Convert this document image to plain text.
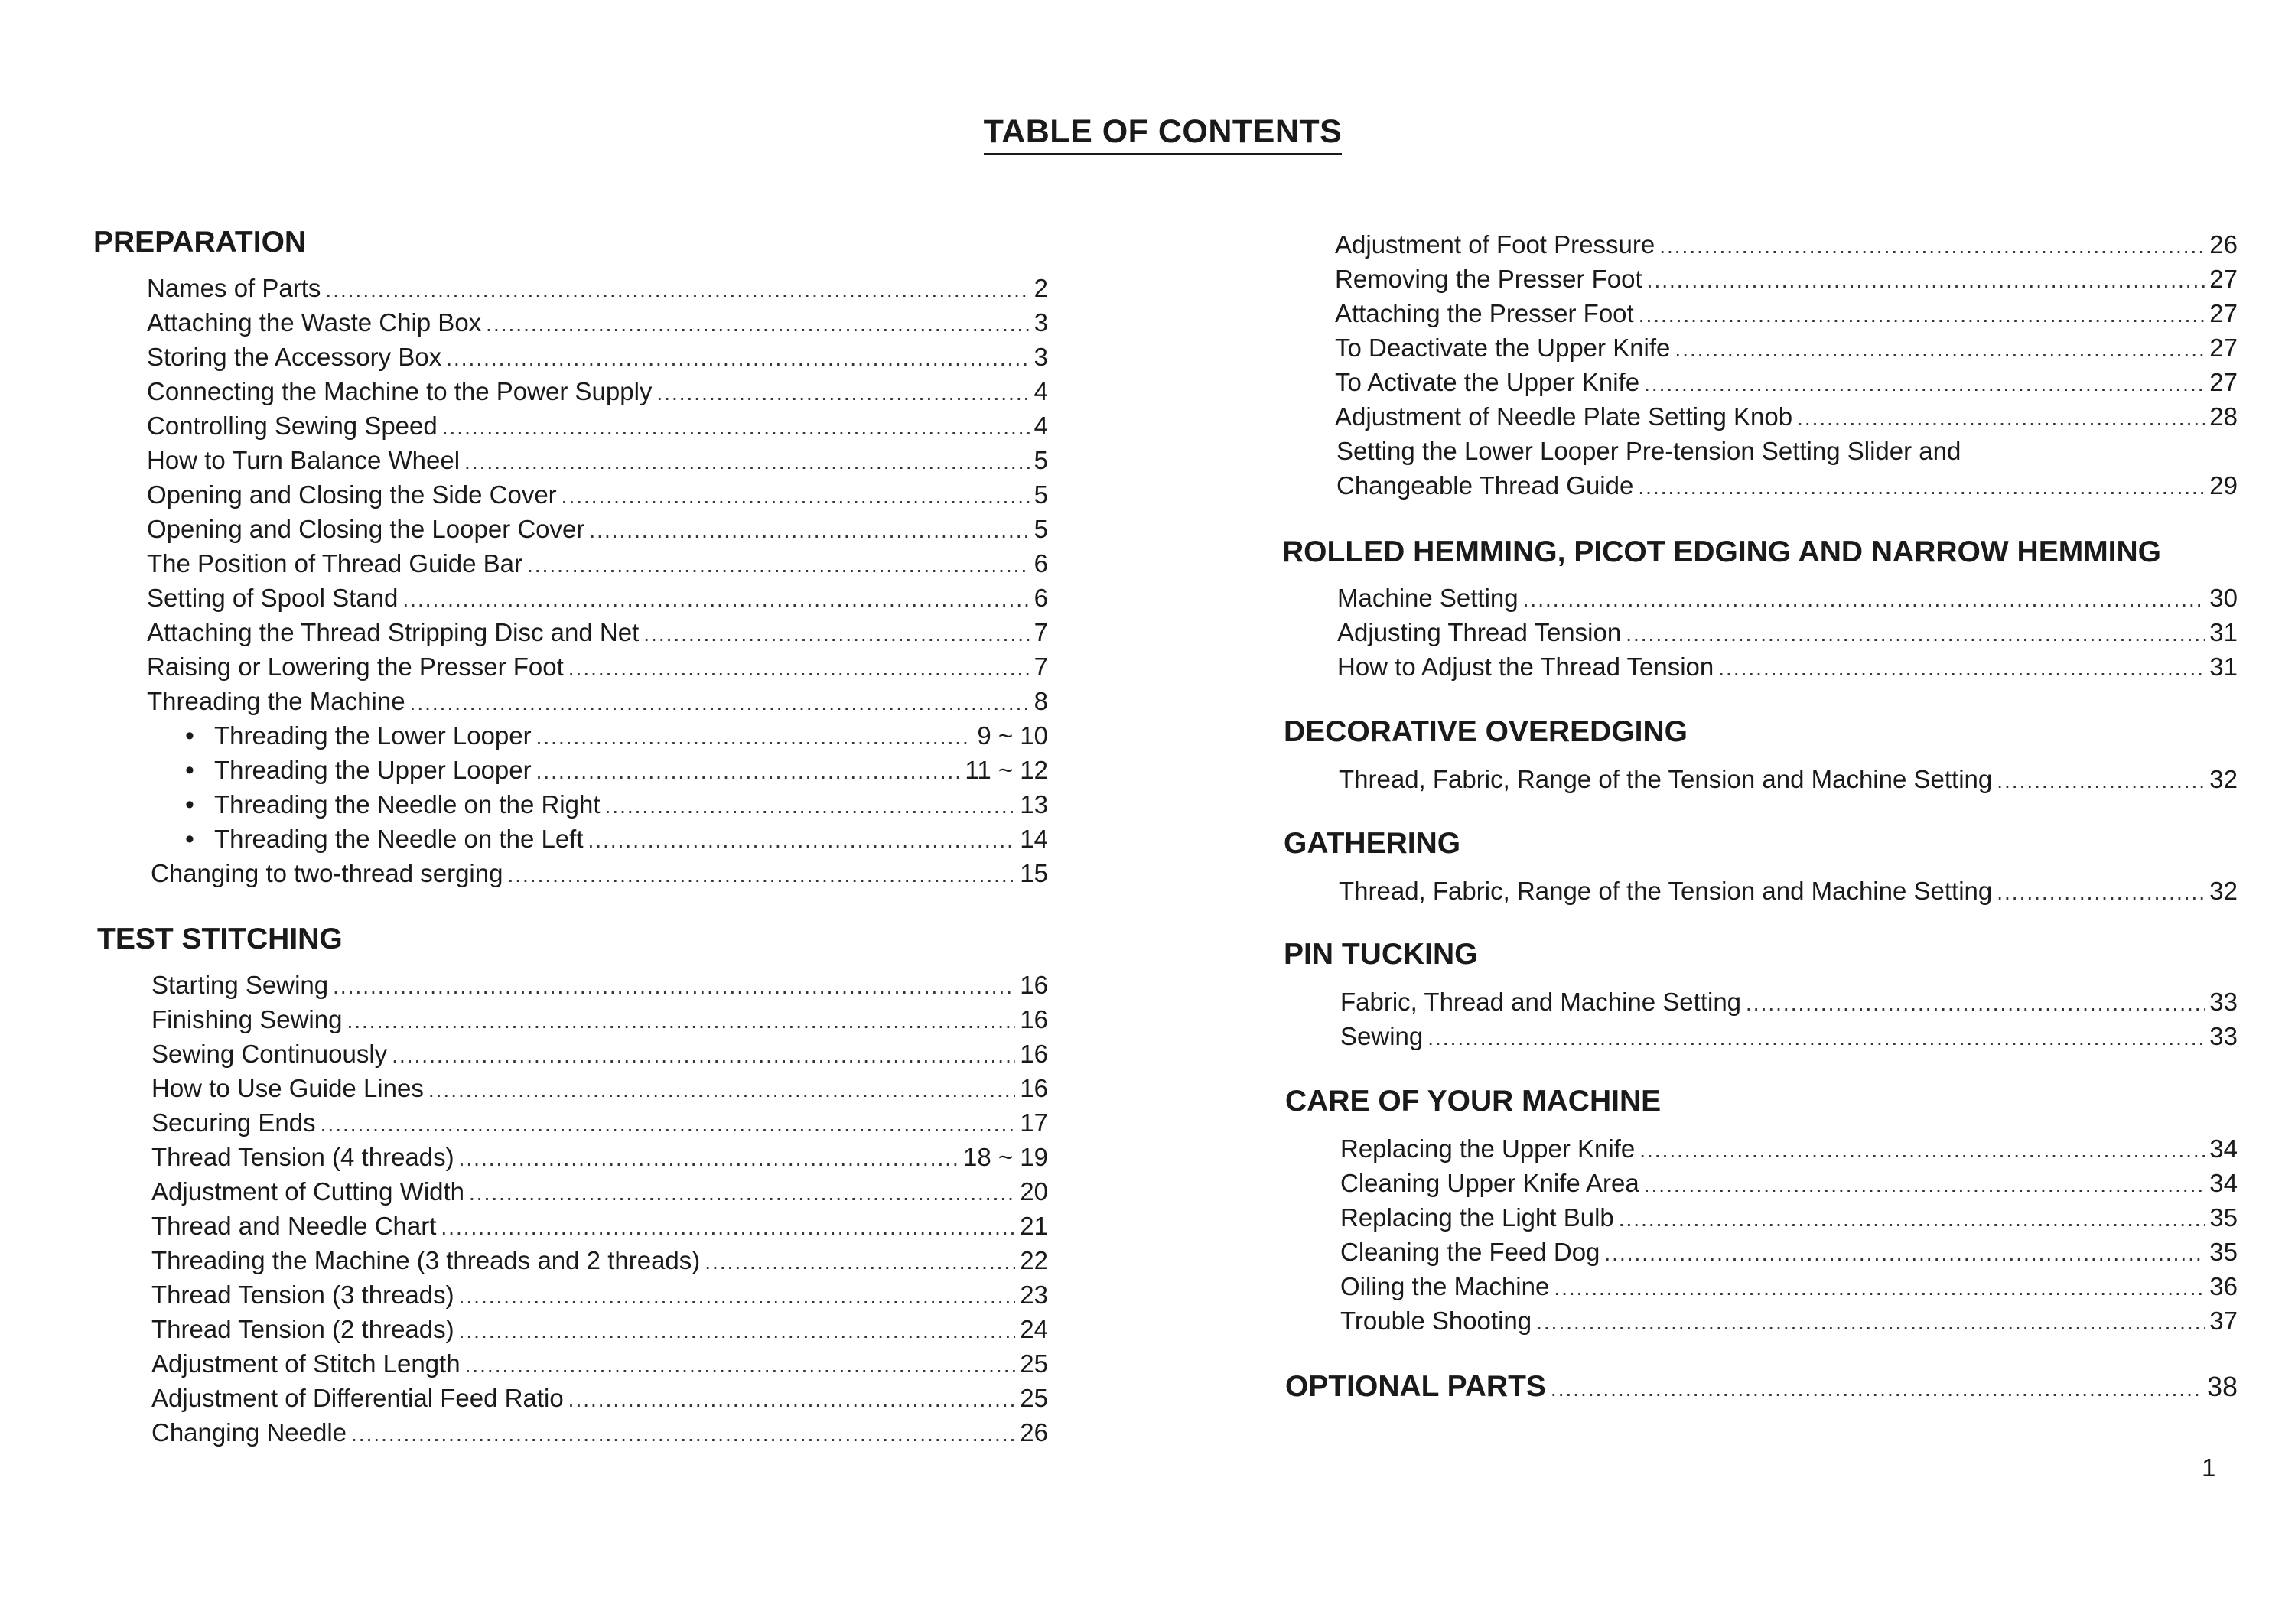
TABLE OF CONTENTS
PREPARATION
Names of Parts .....	2
Attaching the Waste Chip Box .....	3
Storing the Accessory Box .....	3
Connecting the Machine to the Power Supply .....	4
Controlling Sewing Speed .....	4
How to Turn Balance Wheel .....	5
Opening and Closing the Side Cover .....	5
Opening and Closing the Looper Cover .....	5
The Position of Thread Guide Bar .....	6
Setting of Spool Stand .....	6
Attaching the Thread Stripping Disc and Net .....	7
Raising or Lowering the Presser Foot .....	7
Threading the Machine .....	8
• Threading the Lower Looper .....	9 ~ 10
• Threading the Upper Looper .....	11 ~ 12
• Threading the Needle on the Right .....	13
• Threading the Needle on the Left .....	14
Changing to two-thread serging .....	15
TEST STITCHING
Starting Sewing .....	16
Finishing Sewing .....	16
Sewing Continuously .....	16
How to Use Guide Lines .....	16
Securing Ends .....	17
Thread Tension (4 threads) .....	18 ~ 19
Adjustment of Cutting Width .....	20
Thread and Needle Chart .....	21
Threading the Machine (3 threads and 2 threads) .....	22
Thread Tension (3 threads) .....	23
Thread Tension (2 threads) .....	24
Adjustment of Stitch Length .....	25
Adjustment of Differential Feed Ratio .....	25
Changing Needle .....	26
Adjustment of Foot Pressure .....	26
Removing the Presser Foot .....	27
Attaching the Presser Foot .....	27
To Deactivate the Upper Knife .....	27
To Activate the Upper Knife .....	27
Adjustment of Needle Plate Setting Knob .....	28
Setting the Lower Looper Pre-tension Setting Slider and
Changeable Thread Guide .....	29
ROLLED HEMMING, PICOT EDGING AND NARROW HEMMING
Machine Setting .....	30
Adjusting Thread Tension .....	31
How to Adjust the Thread Tension .....	31
DECORATIVE OVEREDGING
Thread, Fabric, Range of the Tension and Machine Setting .....	32
GATHERING
Thread, Fabric, Range of the Tension and Machine Setting .....	32
PIN TUCKING
Fabric, Thread and Machine Setting .....	33
Sewing .....	33
CARE OF YOUR MACHINE
Replacing the Upper Knife .....	34
Cleaning Upper Knife Area .....	34
Replacing the Light Bulb .....	35
Cleaning the Feed Dog .....	35
Oiling the Machine .....	36
Trouble Shooting .....	37
OPTIONAL PARTS .....	38
1
